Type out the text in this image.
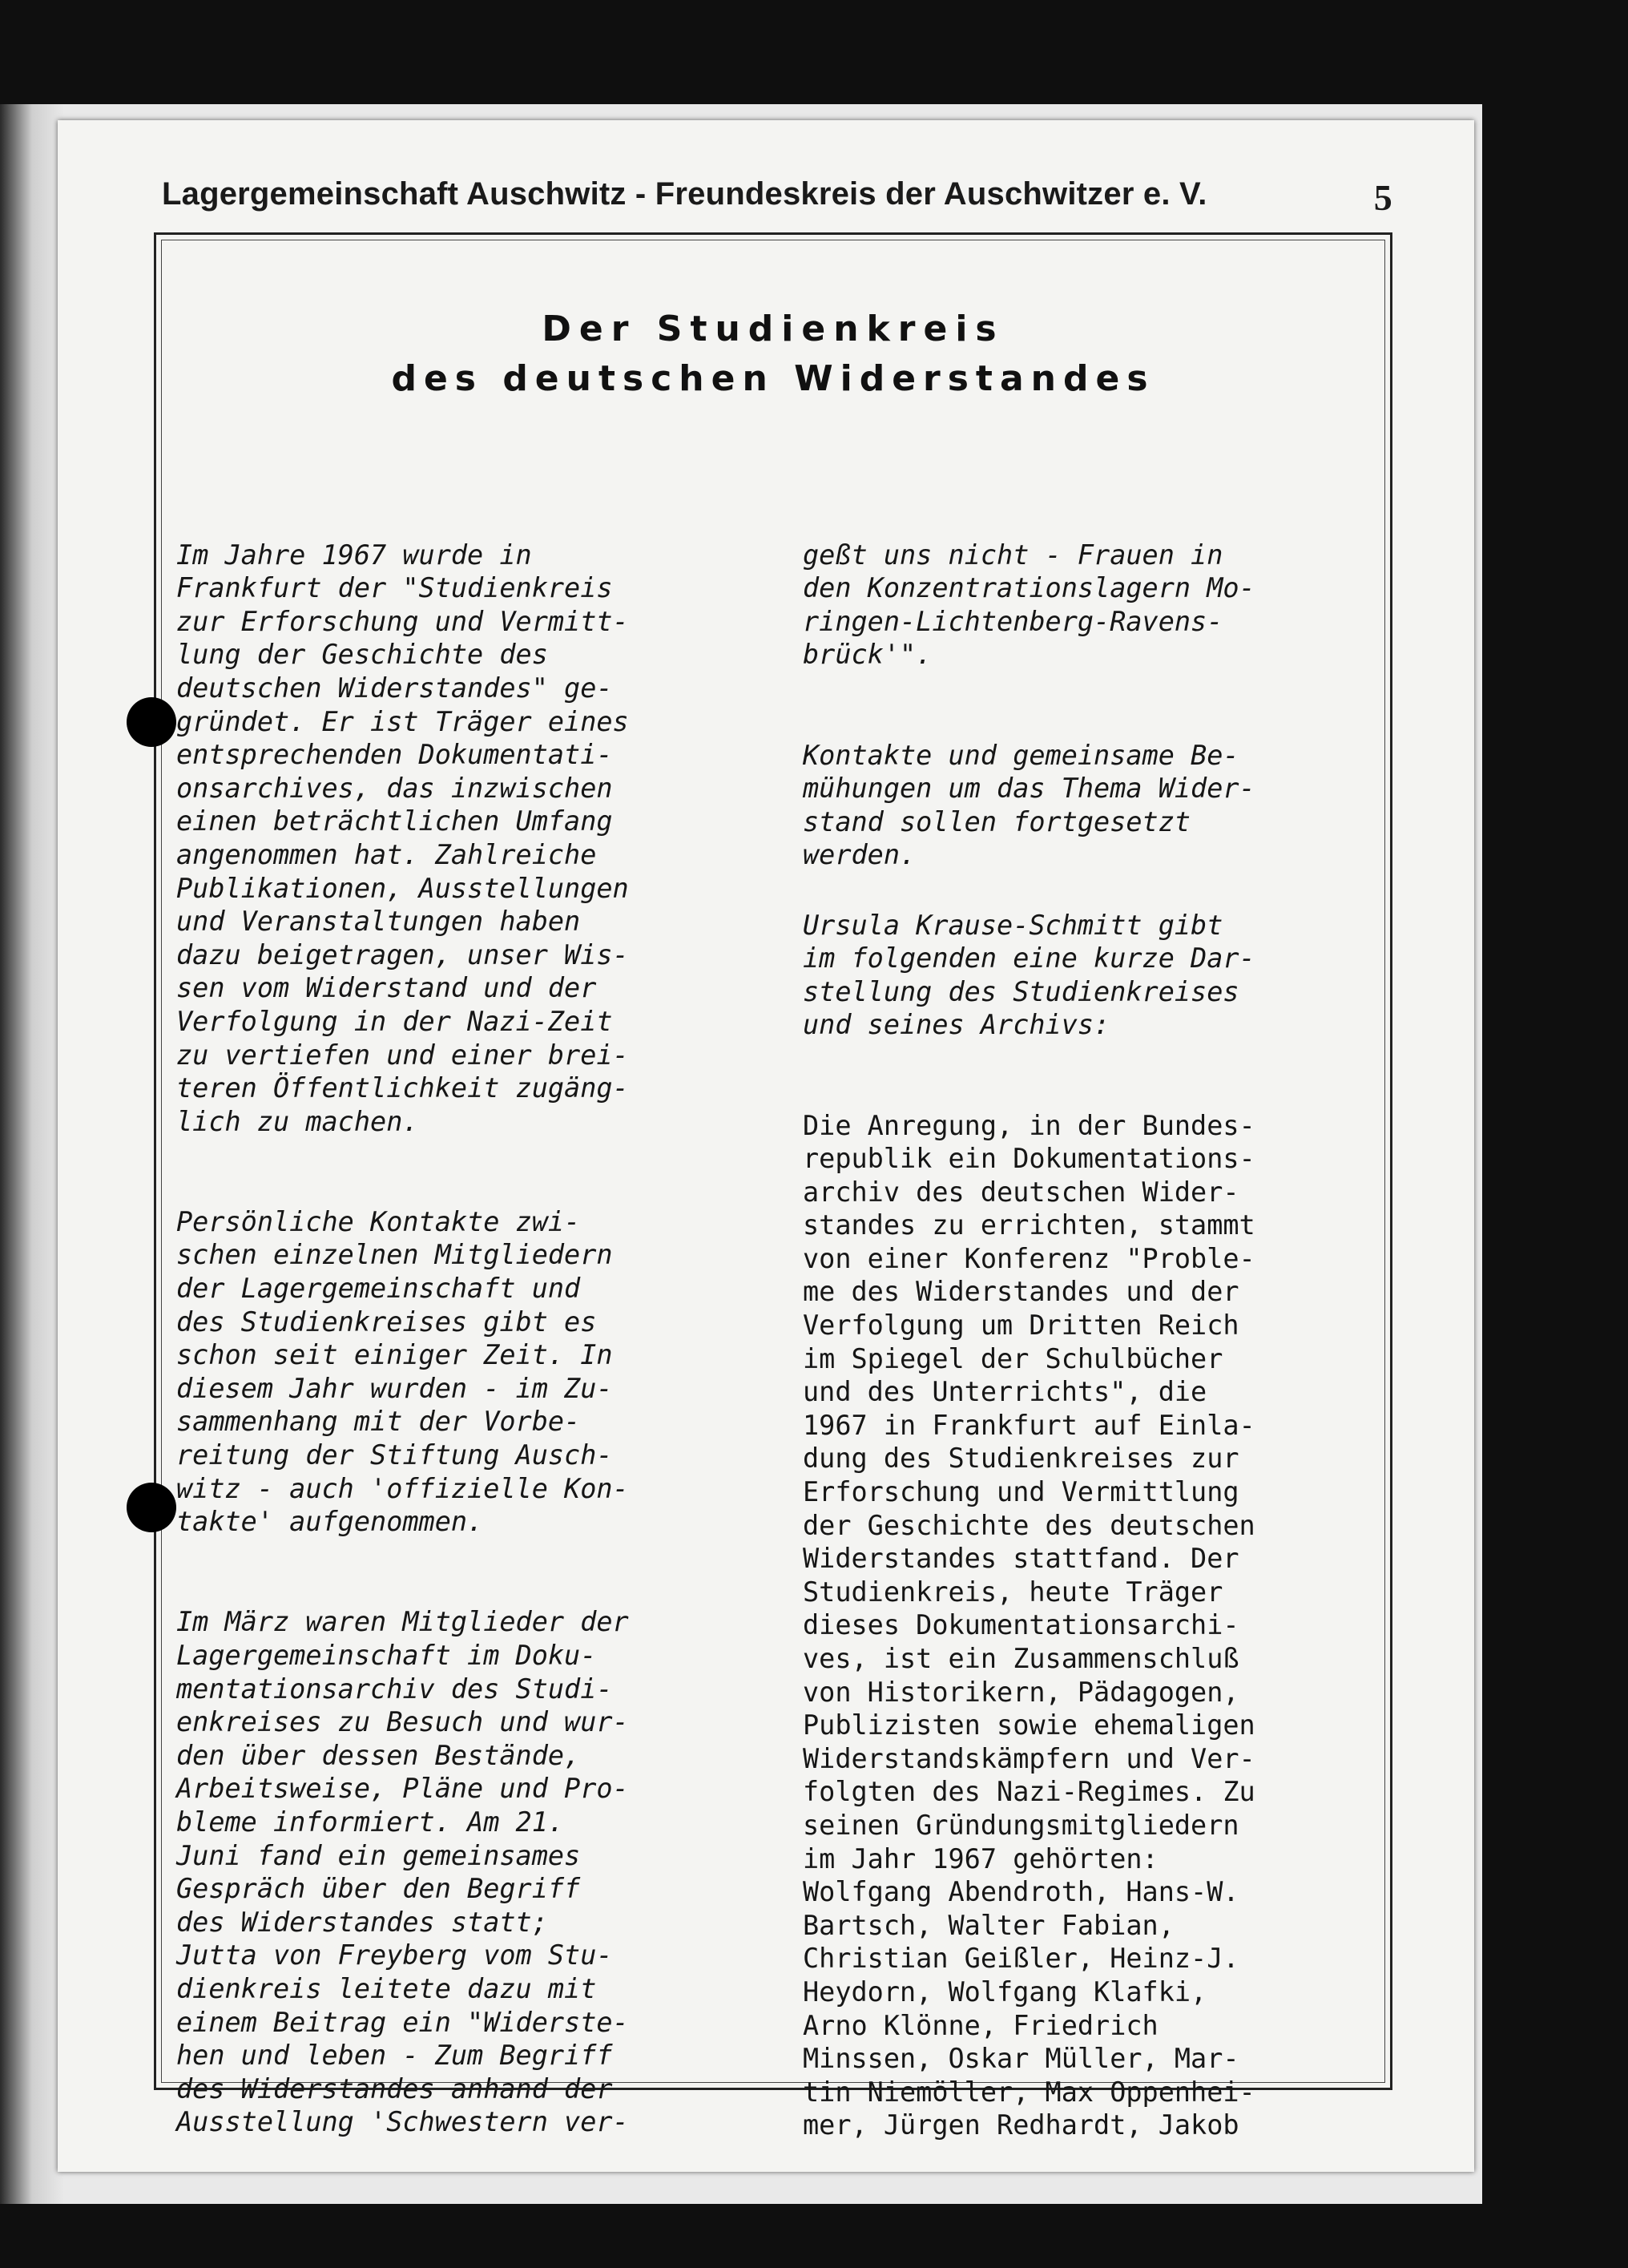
Lagergemeinschaft Auschwitz - Freundeskreis der Auschwitzer e. V.	5
Der Studienkreis
des deutschen Widerstandes

Im Jahre 1967 wurde in
Frankfurt der "Studienkreis
zur Erforschung und Vermitt-
lung der Geschichte des
deutschen Widerstandes" ge-
gründet. Er ist Träger eines
entsprechenden Dokumentati-
onsarchives, das inzwischen
einen beträchtlichen Umfang
angenommen hat. Zahlreiche
Publikationen, Ausstellungen
und Veranstaltungen haben
dazu beigetragen, unser Wis-
sen vom Widerstand und der
Verfolgung in der Nazi-Zeit
zu vertiefen und einer brei-
teren Öffentlichkeit zugäng-
lich zu machen.

Persönliche Kontakte zwi-
schen einzelnen Mitgliedern
der Lagergemeinschaft und
des Studienkreises gibt es
schon seit einiger Zeit. In
diesem Jahr wurden - im Zu-
sammenhang mit der Vorbe-
reitung der Stiftung Ausch-
witz - auch 'offizielle Kon-
takte' aufgenommen.

Im März waren Mitglieder der
Lagergemeinschaft im Doku-
mentationsarchiv des Studi-
enkreises zu Besuch und wur-
den über dessen Bestände,
Arbeitsweise, Pläne und Pro-
bleme informiert. Am 21.
Juni fand ein gemeinsames
Gespräch über den Begriff
des Widerstandes statt;
Jutta von Freyberg vom Stu-
dienkreis leitete dazu mit
einem Beitrag ein "Widerste-
hen und leben - Zum Begriff
des Widerstandes anhand der
Ausstellung 'Schwestern ver-

geßt uns nicht - Frauen in
den Konzentrationslagern Mo-
ringen-Lichtenberg-Ravens-
brück'".

Kontakte und gemeinsame Be-
mühungen um das Thema Wider-
stand sollen fortgesetzt
werden.

Ursula Krause-Schmitt gibt
im folgenden eine kurze Dar-
stellung des Studienkreises
und seines Archivs:

Die Anregung, in der Bundes-
republik ein Dokumentations-
archiv des deutschen Wider-
standes zu errichten, stammt
von einer Konferenz "Proble-
me des Widerstandes und der
Verfolgung um Dritten Reich
im Spiegel der Schulbücher
und des Unterrichts", die
1967 in Frankfurt auf Einla-
dung des Studienkreises zur
Erforschung und Vermittlung
der Geschichte des deutschen
Widerstandes stattfand. Der
Studienkreis, heute Träger
dieses Dokumentationsarchi-
ves, ist ein Zusammenschluß
von Historikern, Pädagogen,
Publizisten sowie ehemaligen
Widerstandskämpfern und Ver-
folgten des Nazi-Regimes. Zu
seinen Gründungsmitgliedern
im Jahr 1967 gehörten:
Wolfgang Abendroth, Hans-W.
Bartsch, Walter Fabian,
Christian Geißler, Heinz-J.
Heydorn, Wolfgang Klafki,
Arno Klönne, Friedrich
Minssen, Oskar Müller, Mar-
tin Niemöller, Max Oppenhei-
mer, Jürgen Redhardt, Jakob
